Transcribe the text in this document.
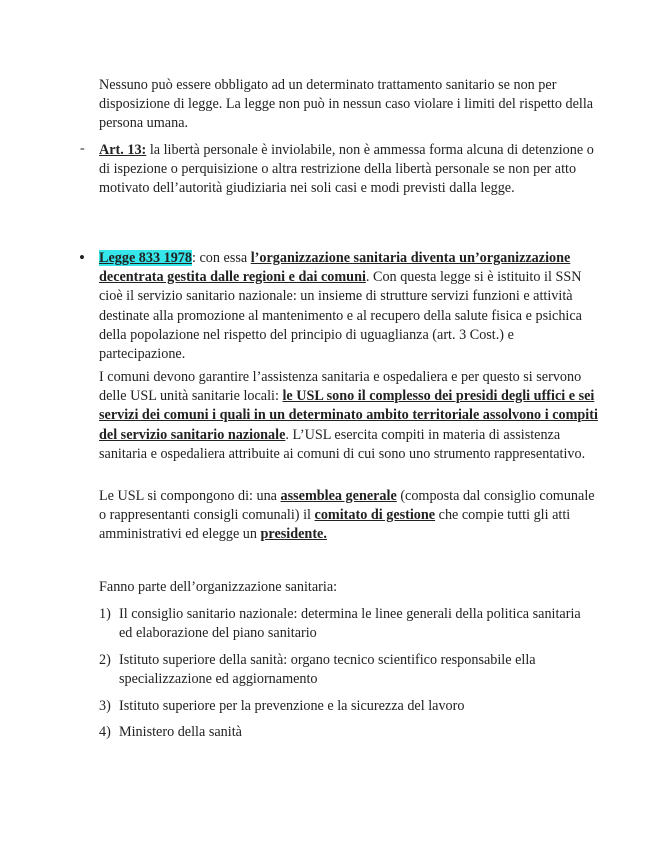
Nessuno può essere obbligato ad un determinato trattamento sanitario se non per disposizione di legge. La legge non può in nessun caso violare i limiti del rispetto della persona umana.

- Art. 13: la libertà personale è inviolabile, non è ammessa forma alcuna di detenzione o di ispezione o perquisizione o altra restrizione della libertà personale se non per atto motivato dell’autorità giudiziaria nei soli casi e modi previsti dalla legge.

• Legge 833 1978: con essa l’organizzazione sanitaria diventa un’organizzazione decentrata gestita dalle regioni e dai comuni. Con questa legge si è istituito il SSN cioè il servizio sanitario nazionale: un insieme di strutture servizi funzioni e attività destinate alla promozione al mantenimento e al recupero della salute fisica e psichica della popolazione nel rispetto del principio di uguaglianza (art. 3 Cost.) e partecipazione.

I comuni devono garantire l’assistenza sanitaria e ospedaliera e per questo si servono delle USL unità sanitarie locali: le USL sono il complesso dei presidi degli uffici e sei servizi dei comuni i quali in un determinato ambito territoriale assolvono i compiti del servizio sanitario nazionale. L’USL esercita compiti in materia di assistenza sanitaria e ospedaliera attribuite ai comuni di cui sono uno strumento rappresentativo.

Le USL si compongono di: una assemblea generale (composta dal consiglio comunale o rappresentanti consigli comunali) il comitato di gestione che compie tutti gli atti amministrativi ed elegge un presidente.

Fanno parte dell’organizzazione sanitaria:

1) Il consiglio sanitario nazionale: determina le linee generali della politica sanitaria ed elaborazione del piano sanitario

2) Istituto superiore della sanità: organo tecnico scientifico responsabile ella specializzazione ed aggiornamento

3) Istituto superiore per la prevenzione e la sicurezza del lavoro

4) Ministero della sanità
